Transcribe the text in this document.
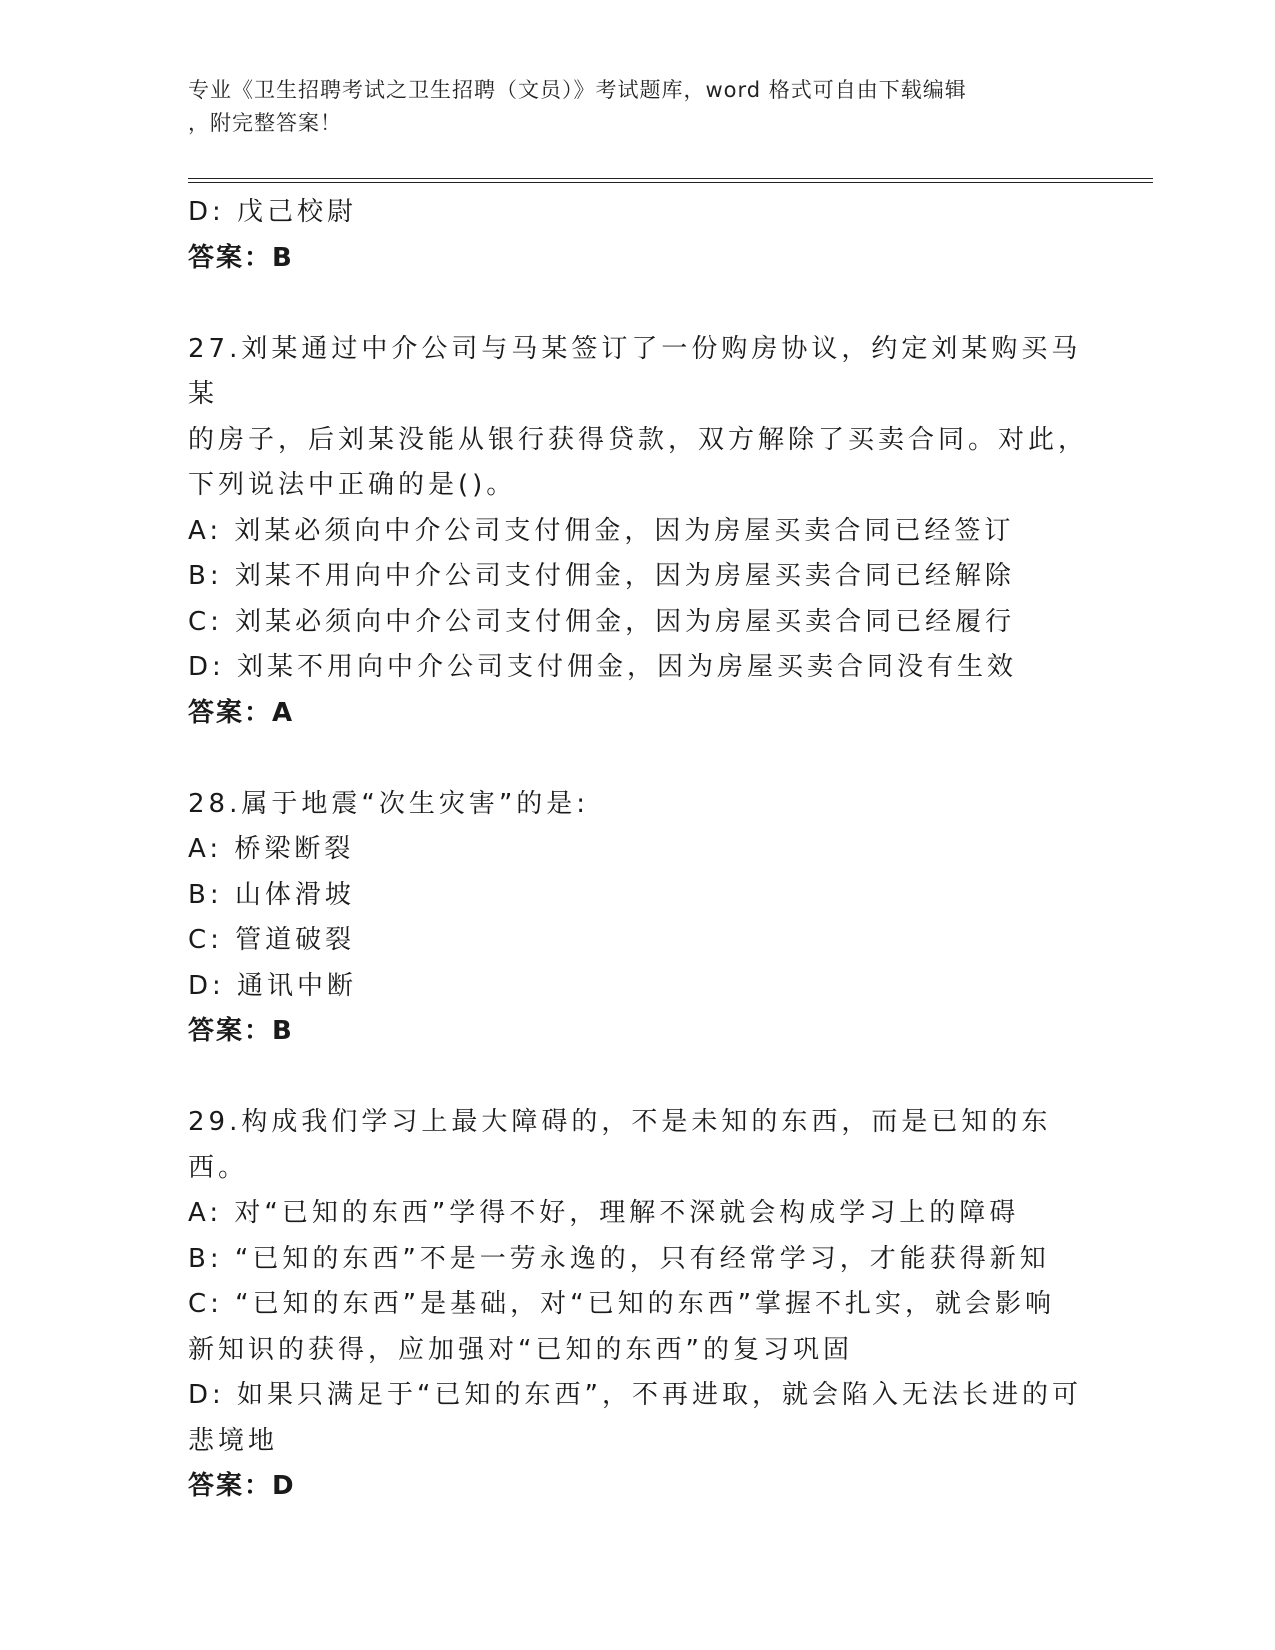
专业《卫生招聘考试之卫生招聘（文员）》考试题库，word 格式可自由下载编辑
，附完整答案！
D: 戊己校尉
答案：B
27.刘某通过中介公司与马某签订了一份购房协议，约定刘某购买马某
的房子，后刘某没能从银行获得贷款，双方解除了买卖合同。对此，
下列说法中正确的是()。
A: 刘某必须向中介公司支付佣金，因为房屋买卖合同已经签订
B: 刘某不用向中介公司支付佣金，因为房屋买卖合同已经解除
C: 刘某必须向中介公司支付佣金，因为房屋买卖合同已经履行
D: 刘某不用向中介公司支付佣金，因为房屋买卖合同没有生效
答案：A
28.属于地震“次生灾害”的是:
A: 桥梁断裂
B: 山体滑坡
C: 管道破裂
D: 通讯中断
答案：B
29.构成我们学习上最大障碍的，不是未知的东西，而是已知的东西。
A: 对“已知的东西”学得不好，理解不深就会构成学习上的障碍
B: “已知的东西”不是一劳永逸的，只有经常学习，才能获得新知
C: “已知的东西”是基础，对“已知的东西”掌握不扎实，就会影响
新知识的获得，应加强对“已知的东西”的复习巩固
D: 如果只满足于“已知的东西”，不再进取，就会陷入无法长进的可
悲境地
答案：D
